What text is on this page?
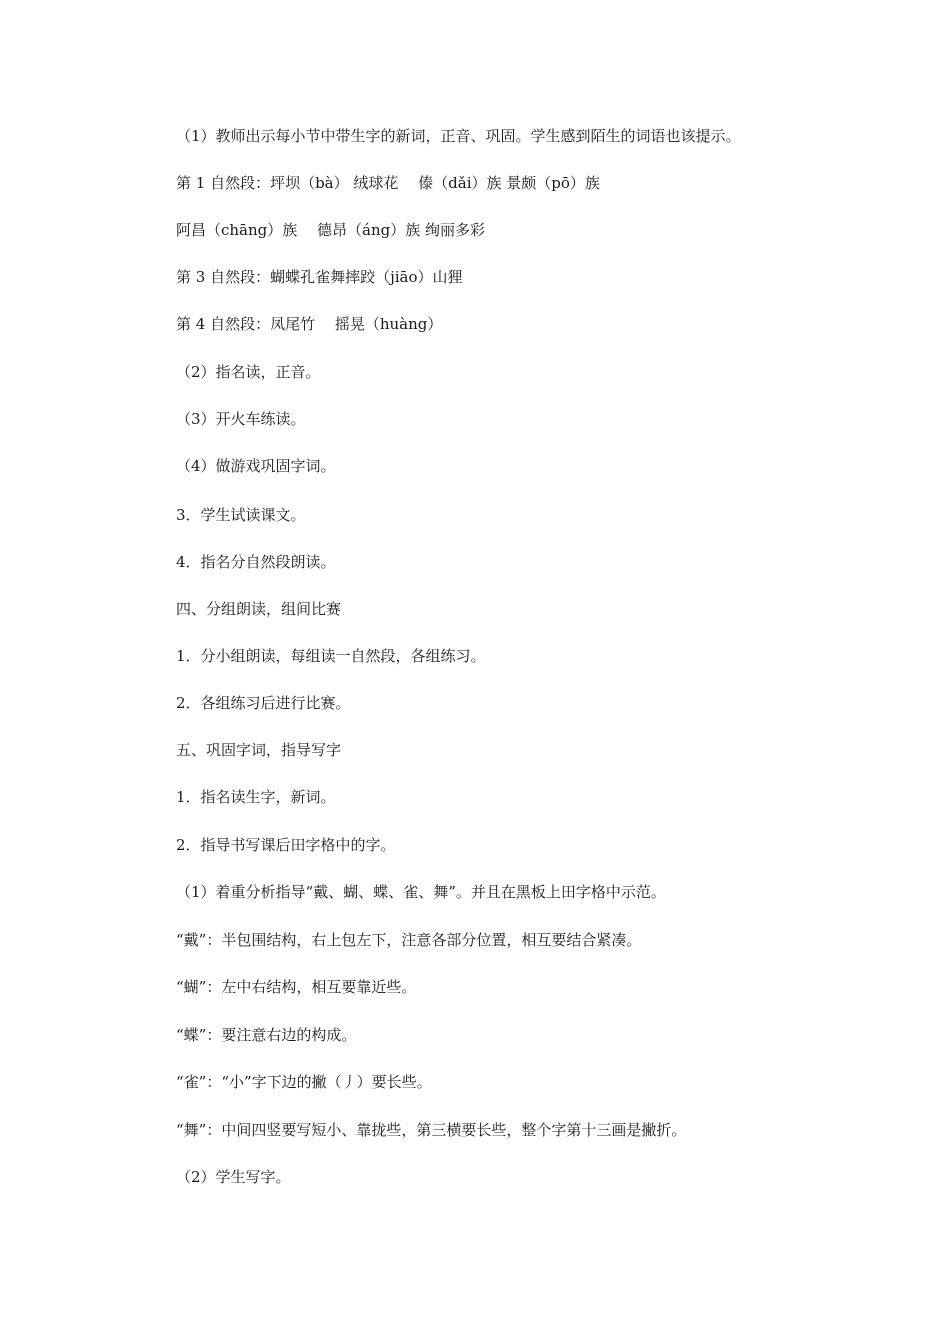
（1）教师出示每小节中带生字的新词，正音、巩固。学生感到陌生的词语也该提示。
第 1 自然段：坪坝（bà） 绒球花 　傣（dǎi）族 景颇（pō）族
阿昌（chāng）族 　德昂（áng）族 绚丽多彩
第 3 自然段：蝴蝶孔雀舞摔跤（jiāo）山狸
第 4 自然段：凤尾竹 　摇晃（huàng）
（2）指名读，正音。
（3）开火车练读。
（4）做游戏巩固字词。
3．学生试读课文。
4．指名分自然段朗读。
四、分组朗读，组间比赛
1．分小组朗读，每组读一自然段，各组练习。
2．各组练习后进行比赛。
五、巩固字词，指导写字
1．指名读生字，新词。
2．指导书写课后田字格中的字。
（1）着重分析指导“戴、蝴、蝶、雀、舞”。并且在黑板上田字格中示范。
“戴”：半包围结构，右上包左下，注意各部分位置，相互要结合紧凑。
“蝴”：左中右结构，相互要靠近些。
“蝶”：要注意右边的构成。
“雀”：“小”字下边的撇（丿）要长些。
“舞”：中间四竖要写短小、靠拢些，第三横要长些，整个字第十三画是撇折。
（2）学生写字。
